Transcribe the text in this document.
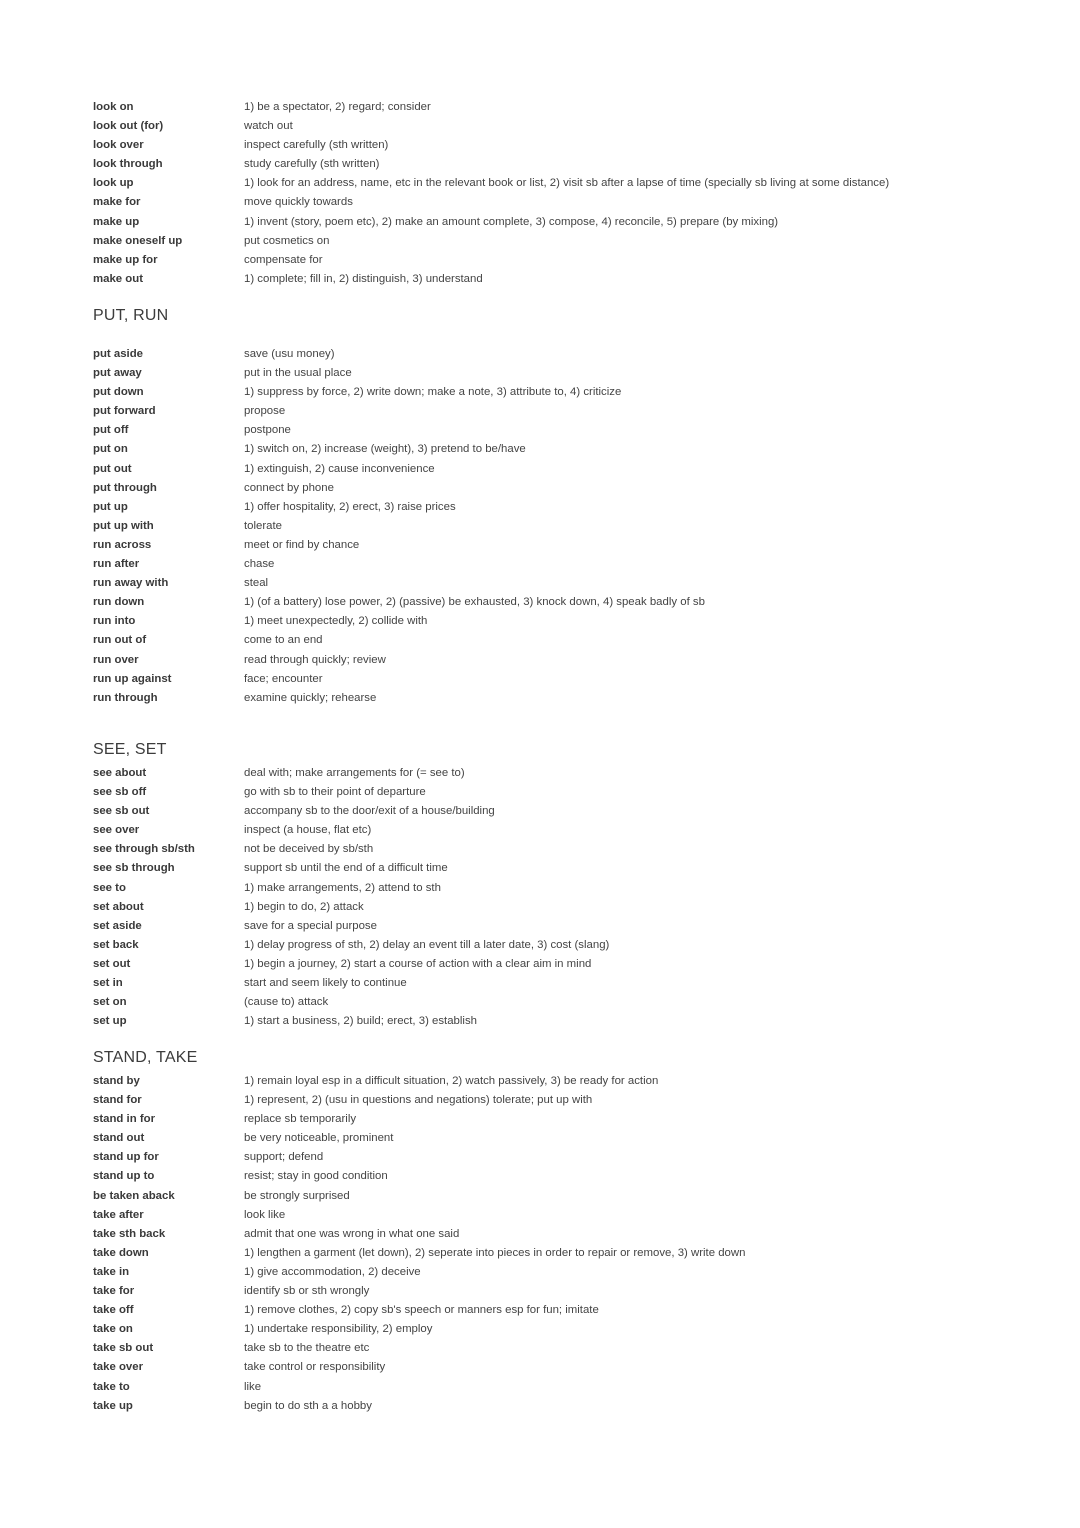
look on	1) be a spectator, 2) regard; consider
look out (for)	watch out
look over	inspect carefully (sth written)
look through	study carefully (sth written)
look up	1) look for an address, name, etc in the relevant book or list, 2) visit sb after a lapse of time (specially sb living at some distance)
make for	move quickly towards
make up	1) invent (story, poem etc), 2) make an amount complete, 3) compose, 4) reconcile, 5) prepare (by mixing)
make oneself up	put cosmetics on
make up for	compensate for
make out	1) complete; fill in, 2) distinguish, 3) understand
PUT, RUN
put aside	save (usu money)
put away	put in the usual place
put down	1) suppress by force, 2) write down; make a note, 3) attribute to, 4) criticize
put forward	propose
put off	postpone
put on	1) switch on, 2) increase (weight), 3) pretend to be/have
put out	1) extinguish, 2) cause inconvenience
put through	connect by phone
put up	1) offer hospitality, 2) erect, 3) raise prices
put up with	tolerate
run across	meet or find by chance
run after	chase
run away with	steal
run down	1) (of a battery) lose power, 2) (passive) be exhausted, 3) knock down, 4) speak badly of sb
run into	1) meet unexpectedly, 2) collide with
run out of	come to an end
run over	read through quickly; review
run up against	face; encounter
run through	examine quickly; rehearse
SEE, SET
see about	deal with; make arrangements for (= see to)
see sb off	go with sb to their point of departure
see sb out	accompany sb to the door/exit of a house/building
see over	inspect (a house, flat etc)
see through sb/sth	not be deceived by sb/sth
see sb through	support sb until the end of a difficult time
see to	1) make arrangements, 2) attend to sth
set about	1) begin to do, 2) attack
set aside	save for a special purpose
set back	1) delay progress of sth, 2) delay an event till a later date, 3) cost (slang)
set out	1) begin a journey, 2) start a course of action with a clear aim in mind
set in	start and seem likely to continue
set on	(cause to) attack
set up	1) start a business, 2) build; erect, 3) establish
STAND, TAKE
stand by	1) remain loyal esp in a difficult situation, 2) watch passively, 3) be ready for action
stand for	1) represent, 2) (usu in questions and negations) tolerate; put up with
stand in for	replace sb temporarily
stand out	be very noticeable, prominent
stand up for	support; defend
stand up to	resist; stay in good condition
be taken aback	be strongly surprised
take after	look like
take sth back	admit that one was wrong in what one said
take down	1) lengthen a garment (let down), 2) seperate into pieces in order to repair or remove, 3) write down
take in	1) give accommodation, 2) deceive
take for	identify sb or sth wrongly
take off	1) remove clothes, 2) copy sb's speech or manners esp for fun; imitate
take on	1) undertake responsibility, 2) employ
take sb out	take sb to the theatre etc
take over	take control or responsibility
take to	like
take up	begin to do sth a a hobby
